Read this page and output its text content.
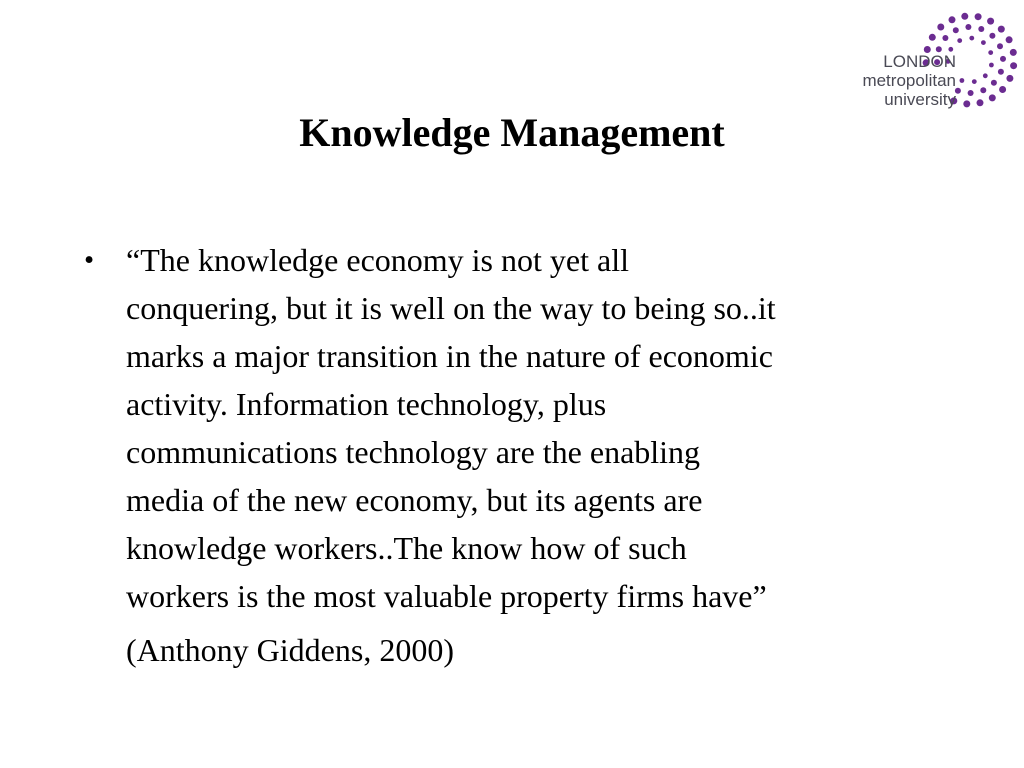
LONDON
metropolitan
university
Knowledge Management
• “The knowledge economy is not yet all
conquering, but it is well on the way to being so..it
marks a major transition in the nature of economic
activity. Information technology, plus
communications technology are the enabling
media of the new economy, but its agents are
knowledge workers..The know how of such
workers is the most valuable property firms have”

(Anthony Giddens, 2000)
